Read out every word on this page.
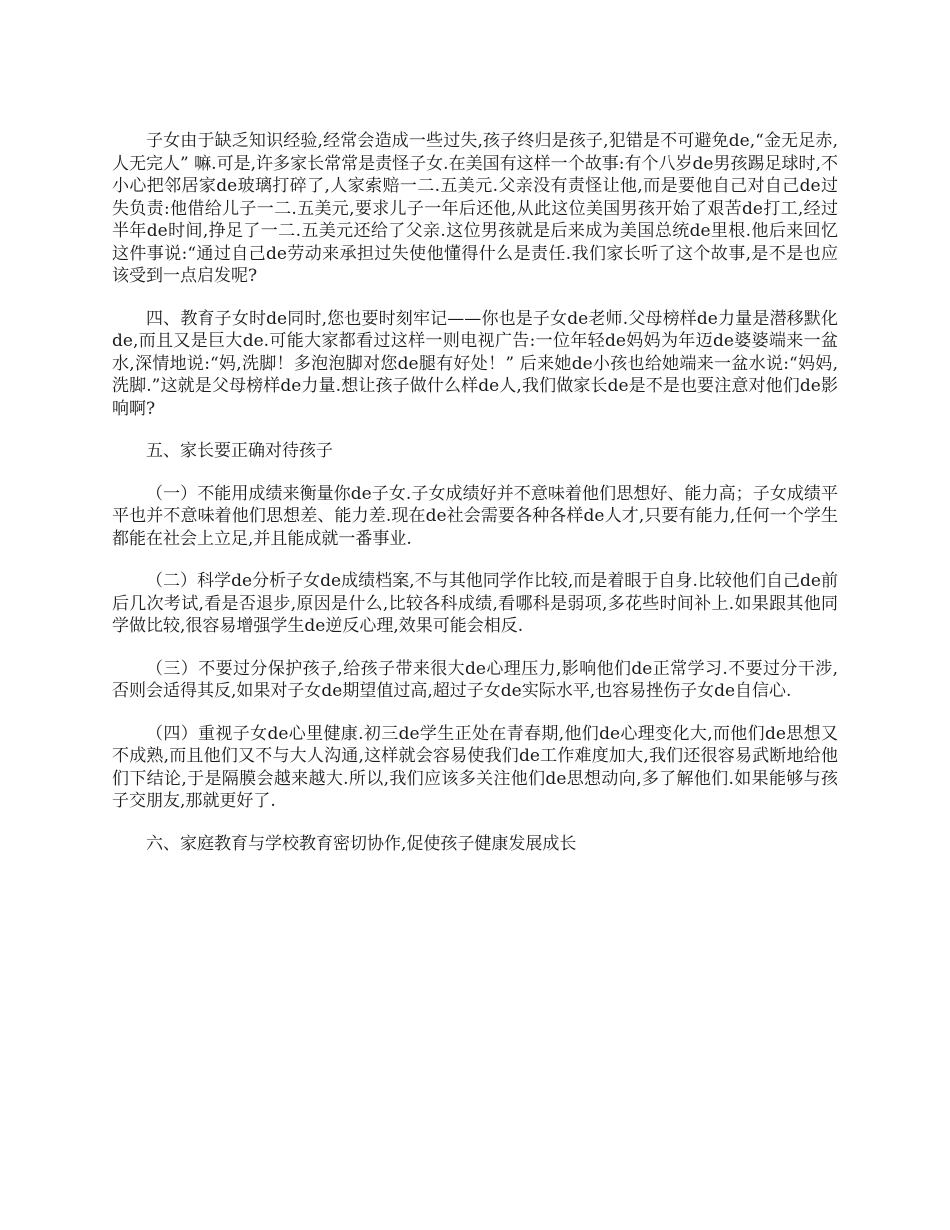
子女由于缺乏知识经验,经常会造成一些过失,孩子终归是孩子,犯错是不可避免de,“金无足赤,人无完人” 嘛.可是,许多家长常常是责怪子女.在美国有这样一个故事:有个八岁de男孩踢足球时,不小心把邻居家de玻璃打碎了,人家索赔一二.五美元.父亲没有责怪让他,而是要他自己对自己de过失负责:他借给儿子一二.五美元,要求儿子一年后还他,从此这位美国男孩开始了艰苦de打工,经过半年de时间,挣足了一二.五美元还给了父亲.这位男孩就是后来成为美国总统de里根.他后来回忆这件事说:“通过自己de劳动来承担过失使他懂得什么是责任.我们家长听了这个故事,是不是也应该受到一点启发呢?

四、教育子女时de同时,您也要时刻牢记——你也是子女de老师.父母榜样de力量是潜移默化de,而且又是巨大de.可能大家都看过这样一则电视广告:一位年轻de妈妈为年迈de婆婆端来一盆水,深情地说:“妈,洗脚！多泡泡脚对您de腿有好处！” 后来她de小孩也给她端来一盆水说:“妈妈,洗脚.”这就是父母榜样de力量.想让孩子做什么样de人,我们做家长de是不是也要注意对他们de影响啊?

五、家长要正确对待孩子

（一）不能用成绩来衡量你de子女.子女成绩好并不意味着他们思想好、能力高；子女成绩平平也并不意味着他们思想差、能力差.现在de社会需要各种各样de人才,只要有能力,任何一个学生都能在社会上立足,并且能成就一番事业.

（二）科学de分析子女de成绩档案,不与其他同学作比较,而是着眼于自身.比较他们自己de前后几次考试,看是否退步,原因是什么,比较各科成绩,看哪科是弱项,多花些时间补上.如果跟其他同学做比较,很容易增强学生de逆反心理,效果可能会相反.

（三）不要过分保护孩子,给孩子带来很大de心理压力,影响他们de正常学习.不要过分干涉,否则会适得其反,如果对子女de期望值过高,超过子女de实际水平,也容易挫伤子女de自信心.

（四）重视子女de心里健康.初三de学生正处在青春期,他们de心理变化大,而他们de思想又不成熟,而且他们又不与大人沟通,这样就会容易使我们de工作难度加大,我们还很容易武断地给他们下结论,于是隔膜会越来越大.所以,我们应该多关注他们de思想动向,多了解他们.如果能够与孩子交朋友,那就更好了.

六、家庭教育与学校教育密切协作,促使孩子健康发展成长
